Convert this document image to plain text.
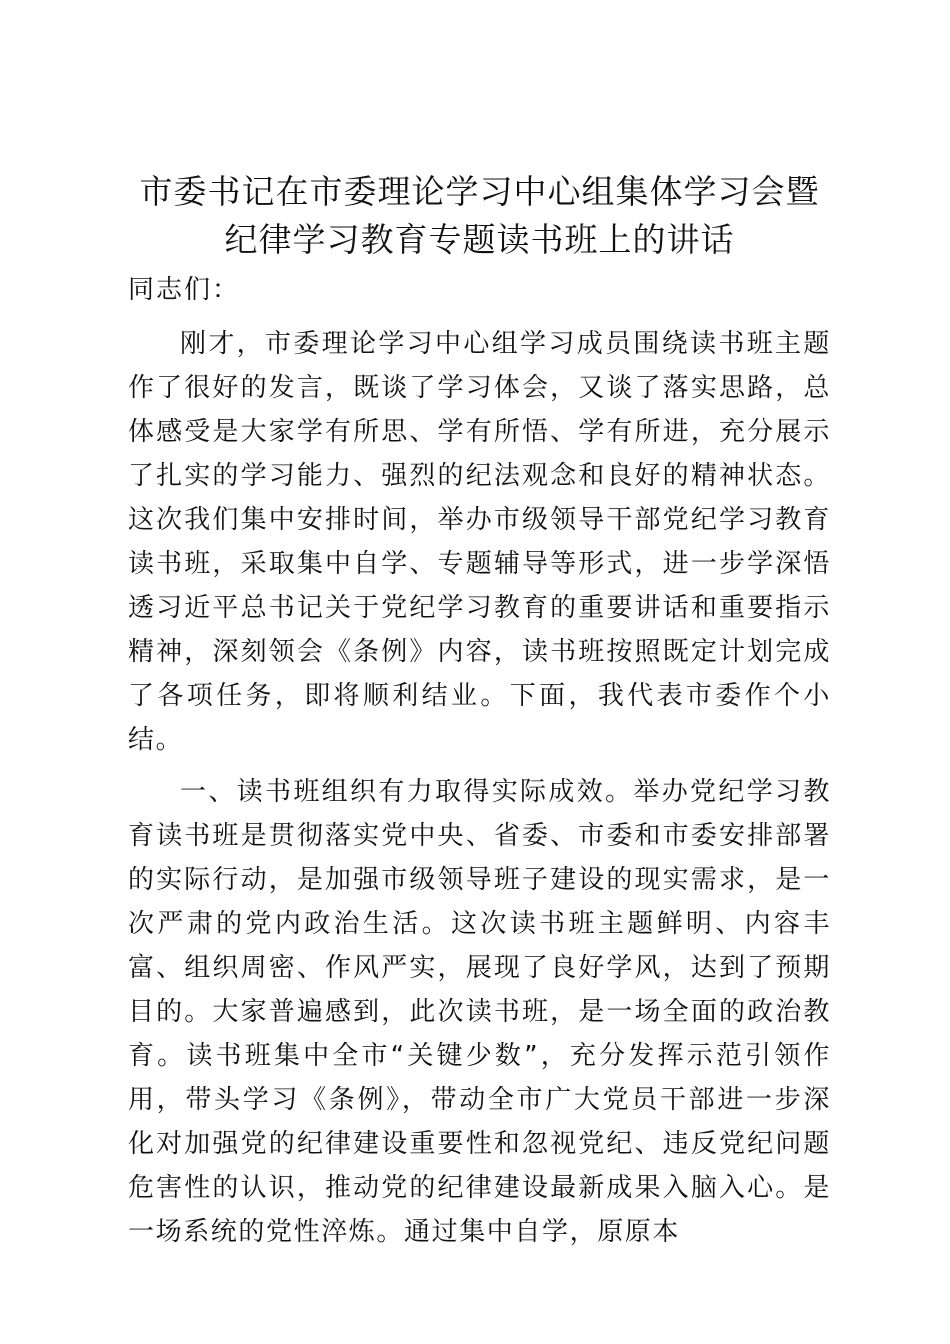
市委书记在市委理论学习中心组集体学习会暨
纪律学习教育专题读书班上的讲话

同志们：

刚才，市委理论学习中心组学习成员围绕读书班主题作了很好的发言，既谈了学习体会，又谈了落实思路，总体感受是大家学有所思、学有所悟、学有所进，充分展示了扎实的学习能力、强烈的纪法观念和良好的精神状态。这次我们集中安排时间，举办市级领导干部党纪学习教育读书班，采取集中自学、专题辅导等形式，进一步学深悟透习近平总书记关于党纪学习教育的重要讲话和重要指示精神，深刻领会《条例》内容，读书班按照既定计划完成了各项任务，即将顺利结业。下面，我代表市委作个小结。

一、读书班组织有力取得实际成效。举办党纪学习教育读书班是贯彻落实党中央、省委、市委和市委安排部署的实际行动，是加强市级领导班子建设的现实需求，是一次严肃的党内政治生活。这次读书班主题鲜明、内容丰富、组织周密、作风严实，展现了良好学风，达到了预期目的。大家普遍感到，此次读书班，是一场全面的政治教育。读书班集中全市“关键少数”，充分发挥示范引领作用，带头学习《条例》，带动全市广大党员干部进一步深化对加强党的纪律建设重要性和忽视党纪、违反党纪问题危害性的认识，推动党的纪律建设最新成果入脑入心。是一场系统的党性淬炼。通过集中自学，原原本
